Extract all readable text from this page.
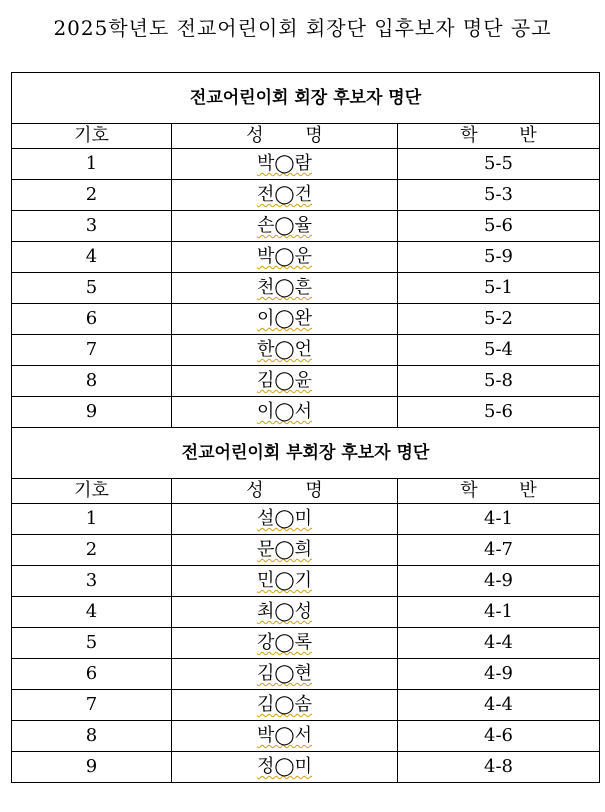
2025학년도 전교어린이회 회장단 입후보자 명단 공고
전교어린이회 회장 후보자 명단		
기호	성 명	학 반
1	박◯람	5-5
2	전◯건	5-3
3	손◯율	5-6
4	박◯운	5-9
5	천◯흔	5-1
6	이◯완	5-2
7	한◯언	5-4
8	김◯윤	5-8
9	이◯서	5-6
전교어린이회 부회장 후보자 명단		
기호	성 명	학 반
1	설◯미	4-1
2	문◯희	4-7
3	민◯기	4-9
4	최◯성	4-1
5	강◯록	4-4
6	김◯현	4-9
7	김◯솜	4-4
8	박◯서	4-6
9	정◯미	4-8
